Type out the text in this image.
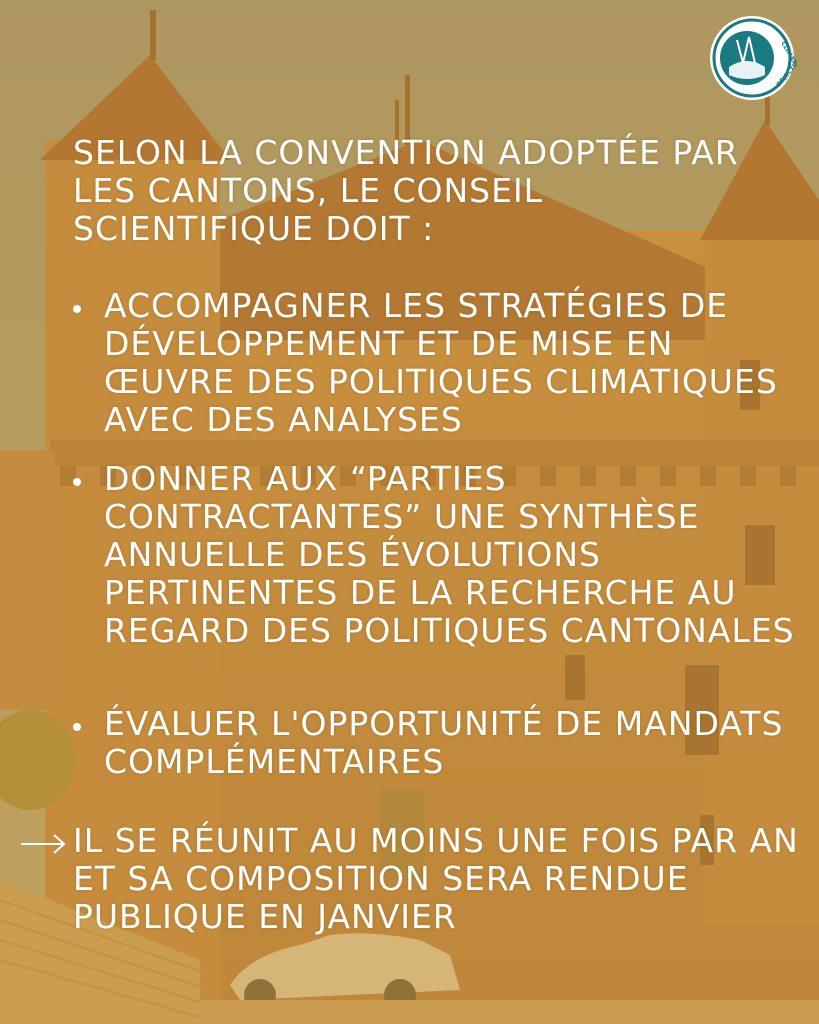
CLIMAT
OBJECTIF

SELON LA CONVENTION ADOPTÉE PAR LES CANTONS, LE CONSEIL SCIENTIFIQUE DOIT :

ACCOMPAGNER LES STRATÉGIES DE DÉVELOPPEMENT ET DE MISE EN ŒUVRE DES POLITIQUES CLIMATIQUES AVEC DES ANALYSES

DONNER AUX “PARTIES CONTRACTANTES” UNE SYNTHÈSE ANNUELLE DES ÉVOLUTIONS PERTINENTES DE LA RECHERCHE AU REGARD DES POLITIQUES CANTONALES

ÉVALUER L'OPPORTUNITÉ DE MANDATS COMPLÉMENTAIRES

IL SE RÉUNIT AU MOINS UNE FOIS PAR AN ET SA COMPOSITION SERA RENDUE PUBLIQUE EN JANVIER
